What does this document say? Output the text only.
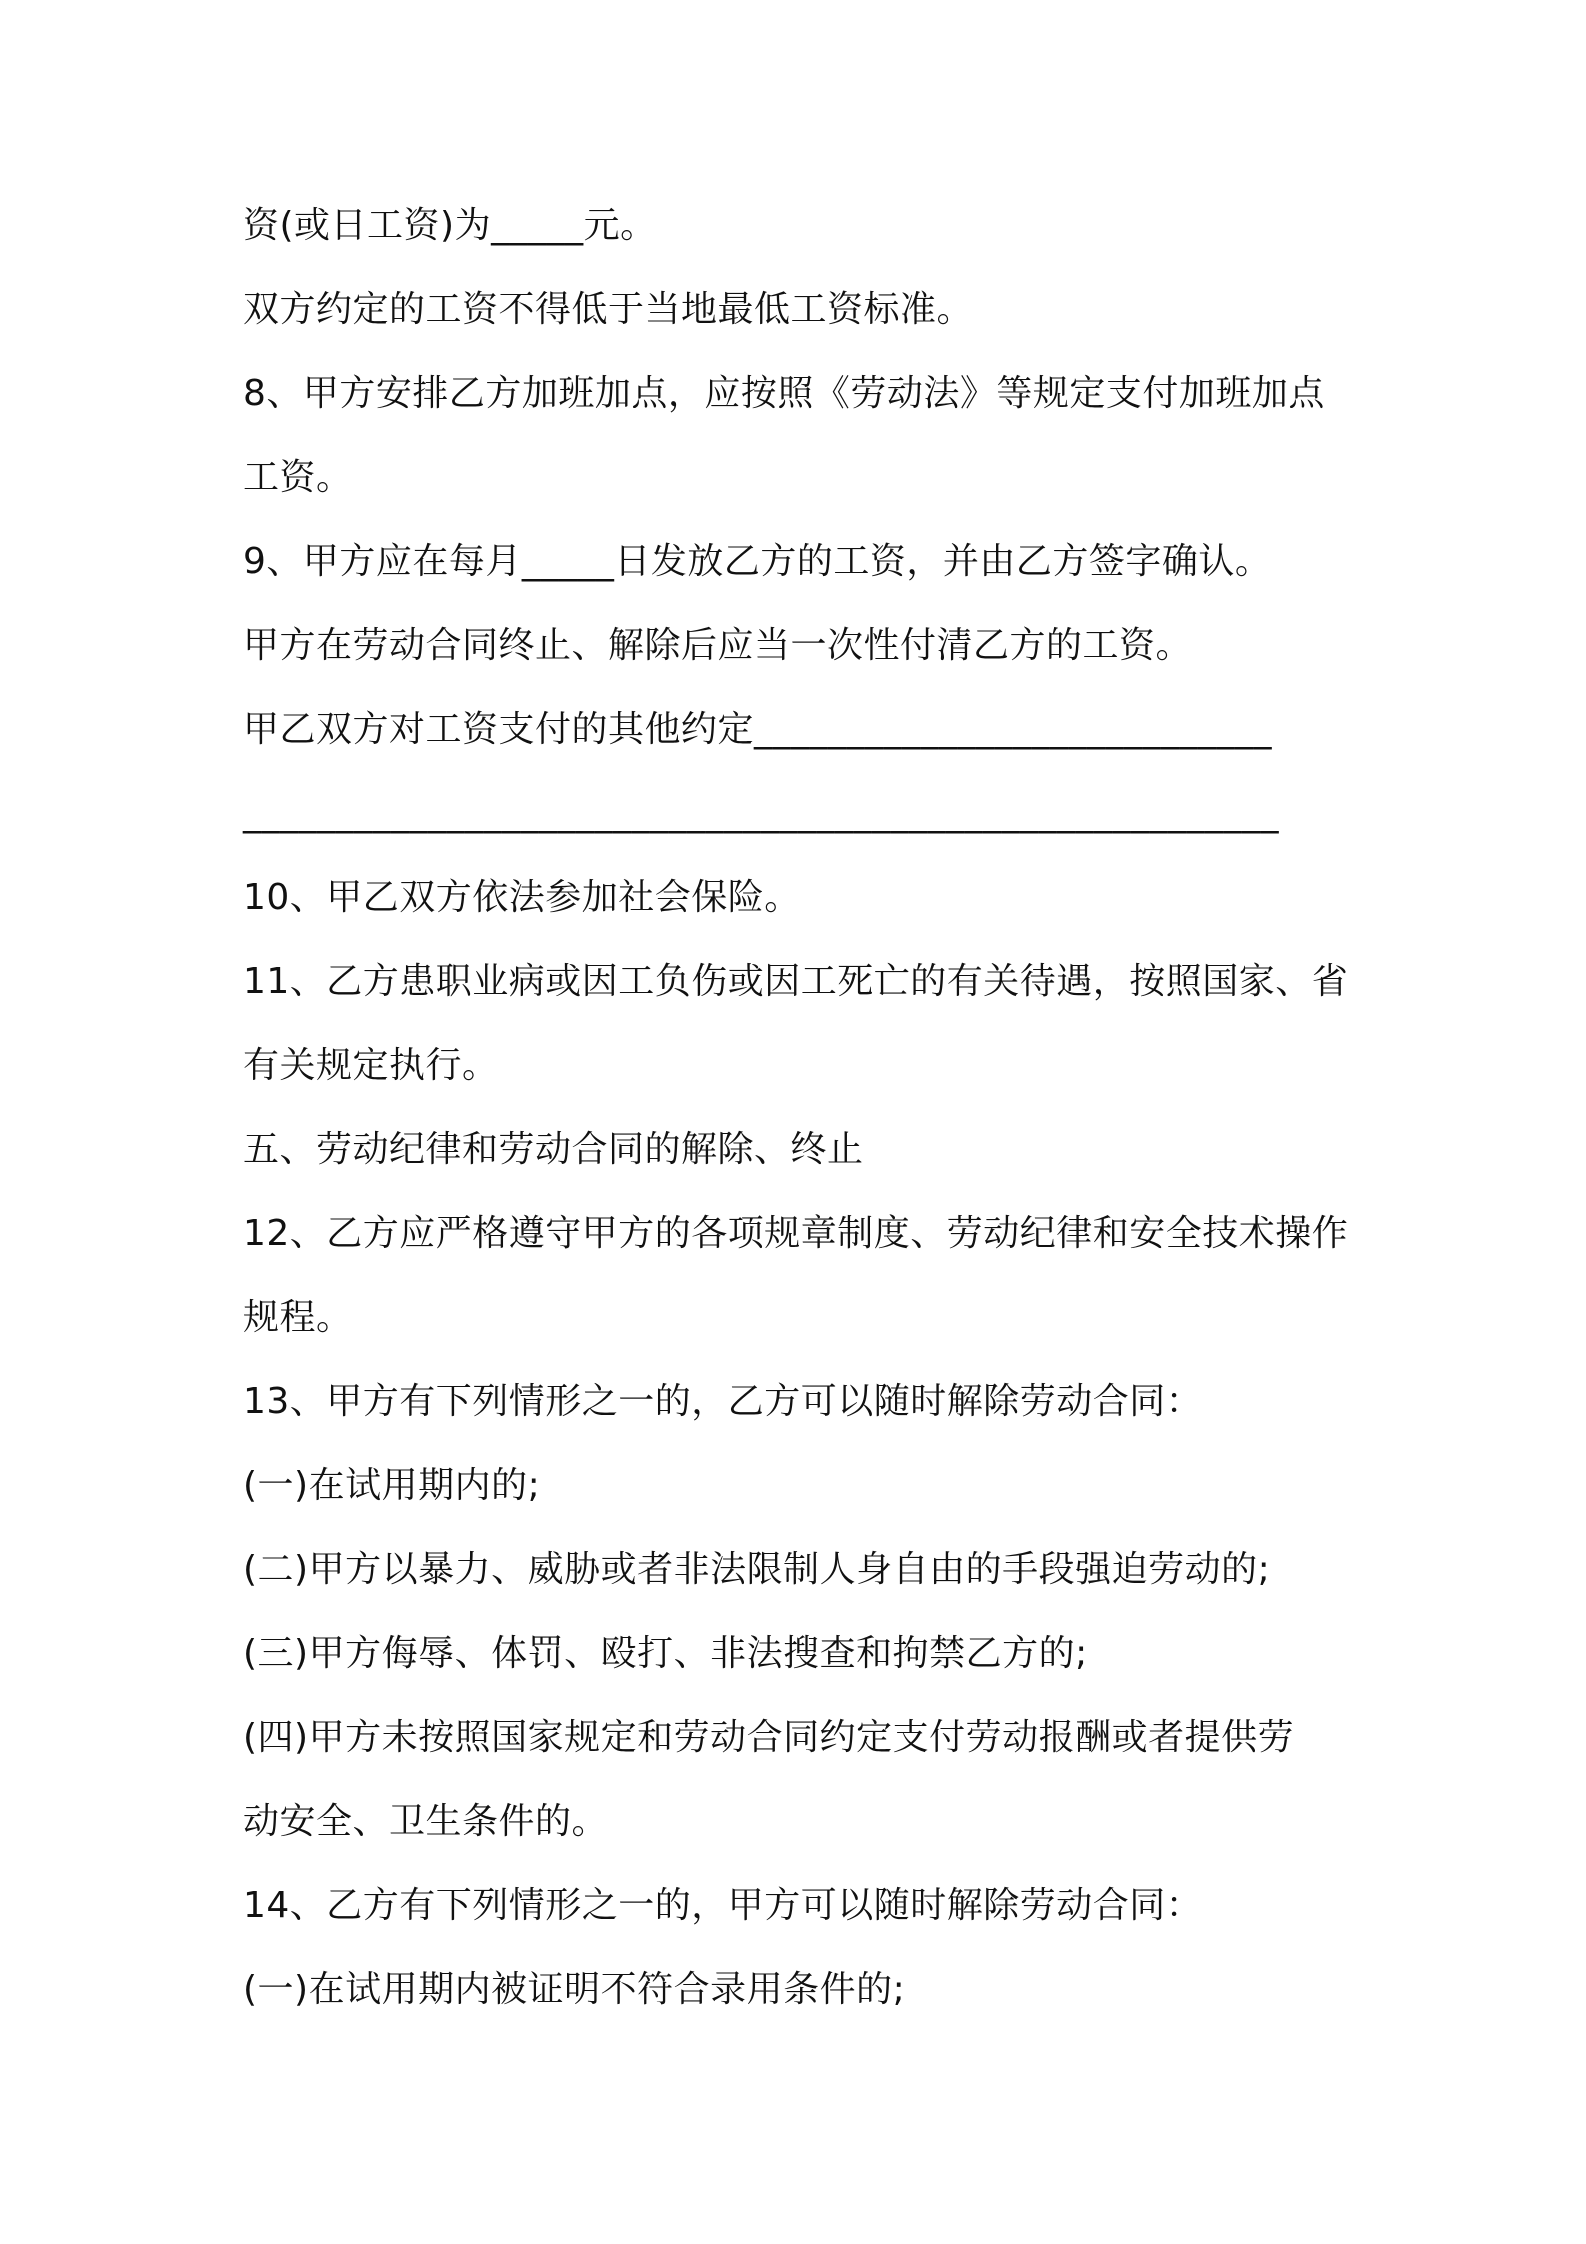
资(或日工资)为_____元。
双方约定的工资不得低于当地最低工资标准。
8、甲方安排乙方加班加点，应按照《劳动法》等规定支付加班加点
工资。
9、甲方应在每月_____日发放乙方的工资，并由乙方签字确认。
甲方在劳动合同终止、解除后应当一次性付清乙方的工资。
甲乙双方对工资支付的其他约定____________________________
________________________________________________________
10、甲乙双方依法参加社会保险。
11、乙方患职业病或因工负伤或因工死亡的有关待遇，按照国家、省
有关规定执行。
五、劳动纪律和劳动合同的解除、终止
12、乙方应严格遵守甲方的各项规章制度、劳动纪律和安全技术操作
规程。
13、甲方有下列情形之一的，乙方可以随时解除劳动合同：
(一)在试用期内的;
(二)甲方以暴力、威胁或者非法限制人身自由的手段强迫劳动的;
(三)甲方侮辱、体罚、殴打、非法搜查和拘禁乙方的;
(四)甲方未按照国家规定和劳动合同约定支付劳动报酬或者提供劳
动安全、卫生条件的。
14、乙方有下列情形之一的，甲方可以随时解除劳动合同：
(一)在试用期内被证明不符合录用条件的;
